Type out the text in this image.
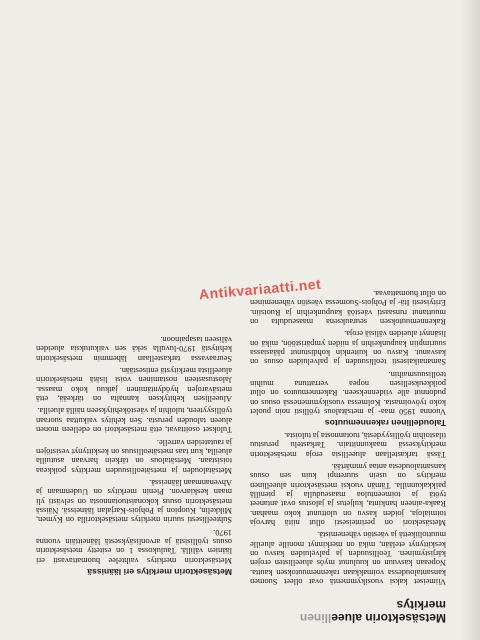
Metsäsektorin alueellinen
merkitys

Viimeiset kaksi vuosikymmentä ovat olleet Suomen kansantaloudessa voimakkaan rakennemuutoksen kautta. Nopeaan kasvuun on kuulunut myös alueellisten erojen kärjistyminen. Teollisuuden ja palveluiden kasvu on keskittynyt etelään, mikä on merkinnyt monille alueille muuttoliikettä ja väestön vähenemistä.

Metsäsektori on perinteisesti ollut niitä harvoja toimialoja, joiden kasvu on ulottunut koko maahan. Raaka-aineen hankinta, kuljetus ja jalostus ovat antaneet työtä ja toimeentuloa maaseudulla ja pienillä paikkakunnilla. Tämän vuoksi metsäsektorin alueellinen merkitys on usein suurempi kuin sen osuus kansantaloudesta antaa ymmärtää.

Tässä tarkastellaan alueellisia eroja metsäsektorin merkityksessä maakunnittain. Tarkastelu perustuu tilastoihin työllisyydestä, tuotannosta ja tuloista.

Taloudellinen rakennemuutos

Vuonna 1950 maa- ja metsätalous työllisti noin puolet koko työvoimasta. Kolmessa vuosikymmenessä osuus on pudonnut alle viidennekseen. Rakennemuutos on ollut poikkeuksellisen nopea verrattuna muihin teollisuusmaihin.

Samanaikaisesti teollisuuden ja palveluiden osuus on kasvanut. Kasvu on kuitenkin kohdistunut pääasiassa suurimpiin kaupunkeihin ja niiden ympäristöön, mikä on lisännyt alueiden välisiä eroja.

Rakennemuutoksen seurauksena maaseudulta on muuttanut runsaasti väestöä kaupunkeihin ja Ruotsiin. Erityisesti Itä- ja Pohjois-Suomessa väestön väheneminen on ollut huomattavaa.

Metsäsektorin merkitys eri läänissä

Metsäsektorin merkitys vaihtelee huomattavasti eri läänien välillä. Taulukossa 1 on esitetty metsäsektorin osuus työllisistä ja arvonlisäyksestä lääneittäin vuonna 1970.

Suhteellisesti suurin merkitys metsäsektorilla on Kymen, Mikkelin, Kuopion ja Pohjois-Karjalan lääneissä. Näissä metsäsektorin osuus kokonaistuotannosta on selvästi yli maan keskiarvon. Pienin merkitys on Uudenmaan ja Ahvenanmaan lääneissä.

Metsätalouden ja metsäteollisuuden merkitys poikkeaa toisistaan. Metsätalous on tärkein harvaan asutuilla alueilla, kun taas metsäteollisuus on keskittynyt vesistöjen ja rautateiden varrelle.

Tulokset osoittavat, että metsäsektori on edelleen monen alueen talouden perusta. Sen kehitys vaikuttaa suoraan työllisyyteen, tuloihin ja väestökehitykseen näillä alueilla.

Alueellisen kehityksen kannalta on tärkeää, että metsävarojen hyödyntäminen jatkuu koko maassa. Jalostusasteen nostaminen voisi lisätä metsäsektorin alueellista merkitystä entisestään.

Seuraavassa tarkastellaan lähemmin metsäsektorin kehitystä 1970-luvulla sekä sen vaikutuksia alueiden väliseen tasapainoon.

Antikvariaatti.net
